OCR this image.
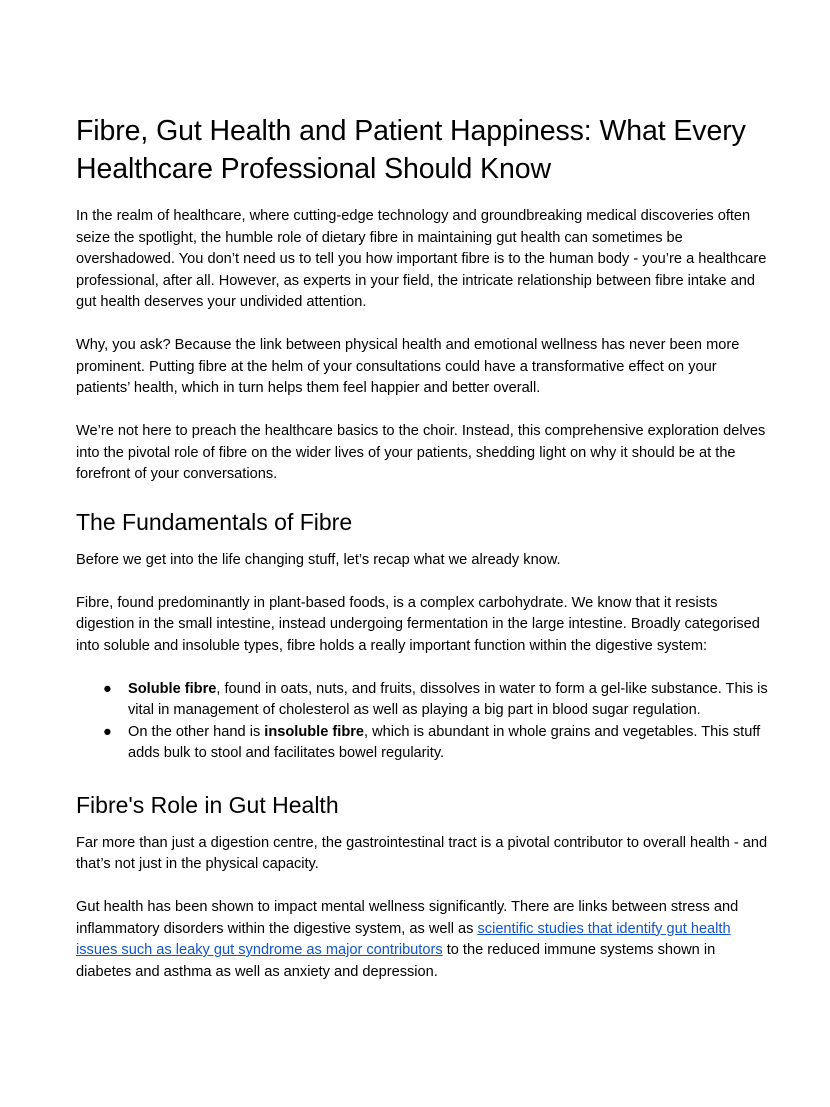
Fibre, Gut Health and Patient Happiness: What Every Healthcare Professional Should Know

In the realm of healthcare, where cutting-edge technology and groundbreaking medical discoveries often seize the spotlight, the humble role of dietary fibre in maintaining gut health can sometimes be overshadowed. You don’t need us to tell you how important fibre is to the human body - you’re a healthcare professional, after all. However, as experts in your field, the intricate relationship between fibre intake and gut health deserves your undivided attention.

Why, you ask? Because the link between physical health and emotional wellness has never been more prominent. Putting fibre at the helm of your consultations could have a transformative effect on your patients’ health, which in turn helps them feel happier and better overall.

We’re not here to preach the healthcare basics to the choir. Instead, this comprehensive exploration delves into the pivotal role of fibre on the wider lives of your patients, shedding light on why it should be at the forefront of your conversations.

The Fundamentals of Fibre

Before we get into the life changing stuff, let’s recap what we already know.

Fibre, found predominantly in plant-based foods, is a complex carbohydrate. We know that it resists digestion in the small intestine, instead undergoing fermentation in the large intestine. Broadly categorised into soluble and insoluble types, fibre holds a really important function within the digestive system:

● Soluble fibre, found in oats, nuts, and fruits, dissolves in water to form a gel-like substance. This is vital in management of cholesterol as well as playing a big part in blood sugar regulation.
● On the other hand is insoluble fibre, which is abundant in whole grains and vegetables. This stuff adds bulk to stool and facilitates bowel regularity.
Fibre's Role in Gut Health

Far more than just a digestion centre, the gastrointestinal tract is a pivotal contributor to overall health - and that’s not just in the physical capacity.

Gut health has been shown to impact mental wellness significantly. There are links between stress and inflammatory disorders within the digestive system, as well as scientific studies that identify gut health issues such as leaky gut syndrome as major contributors to the reduced immune systems shown in diabetes and asthma as well as anxiety and depression.
